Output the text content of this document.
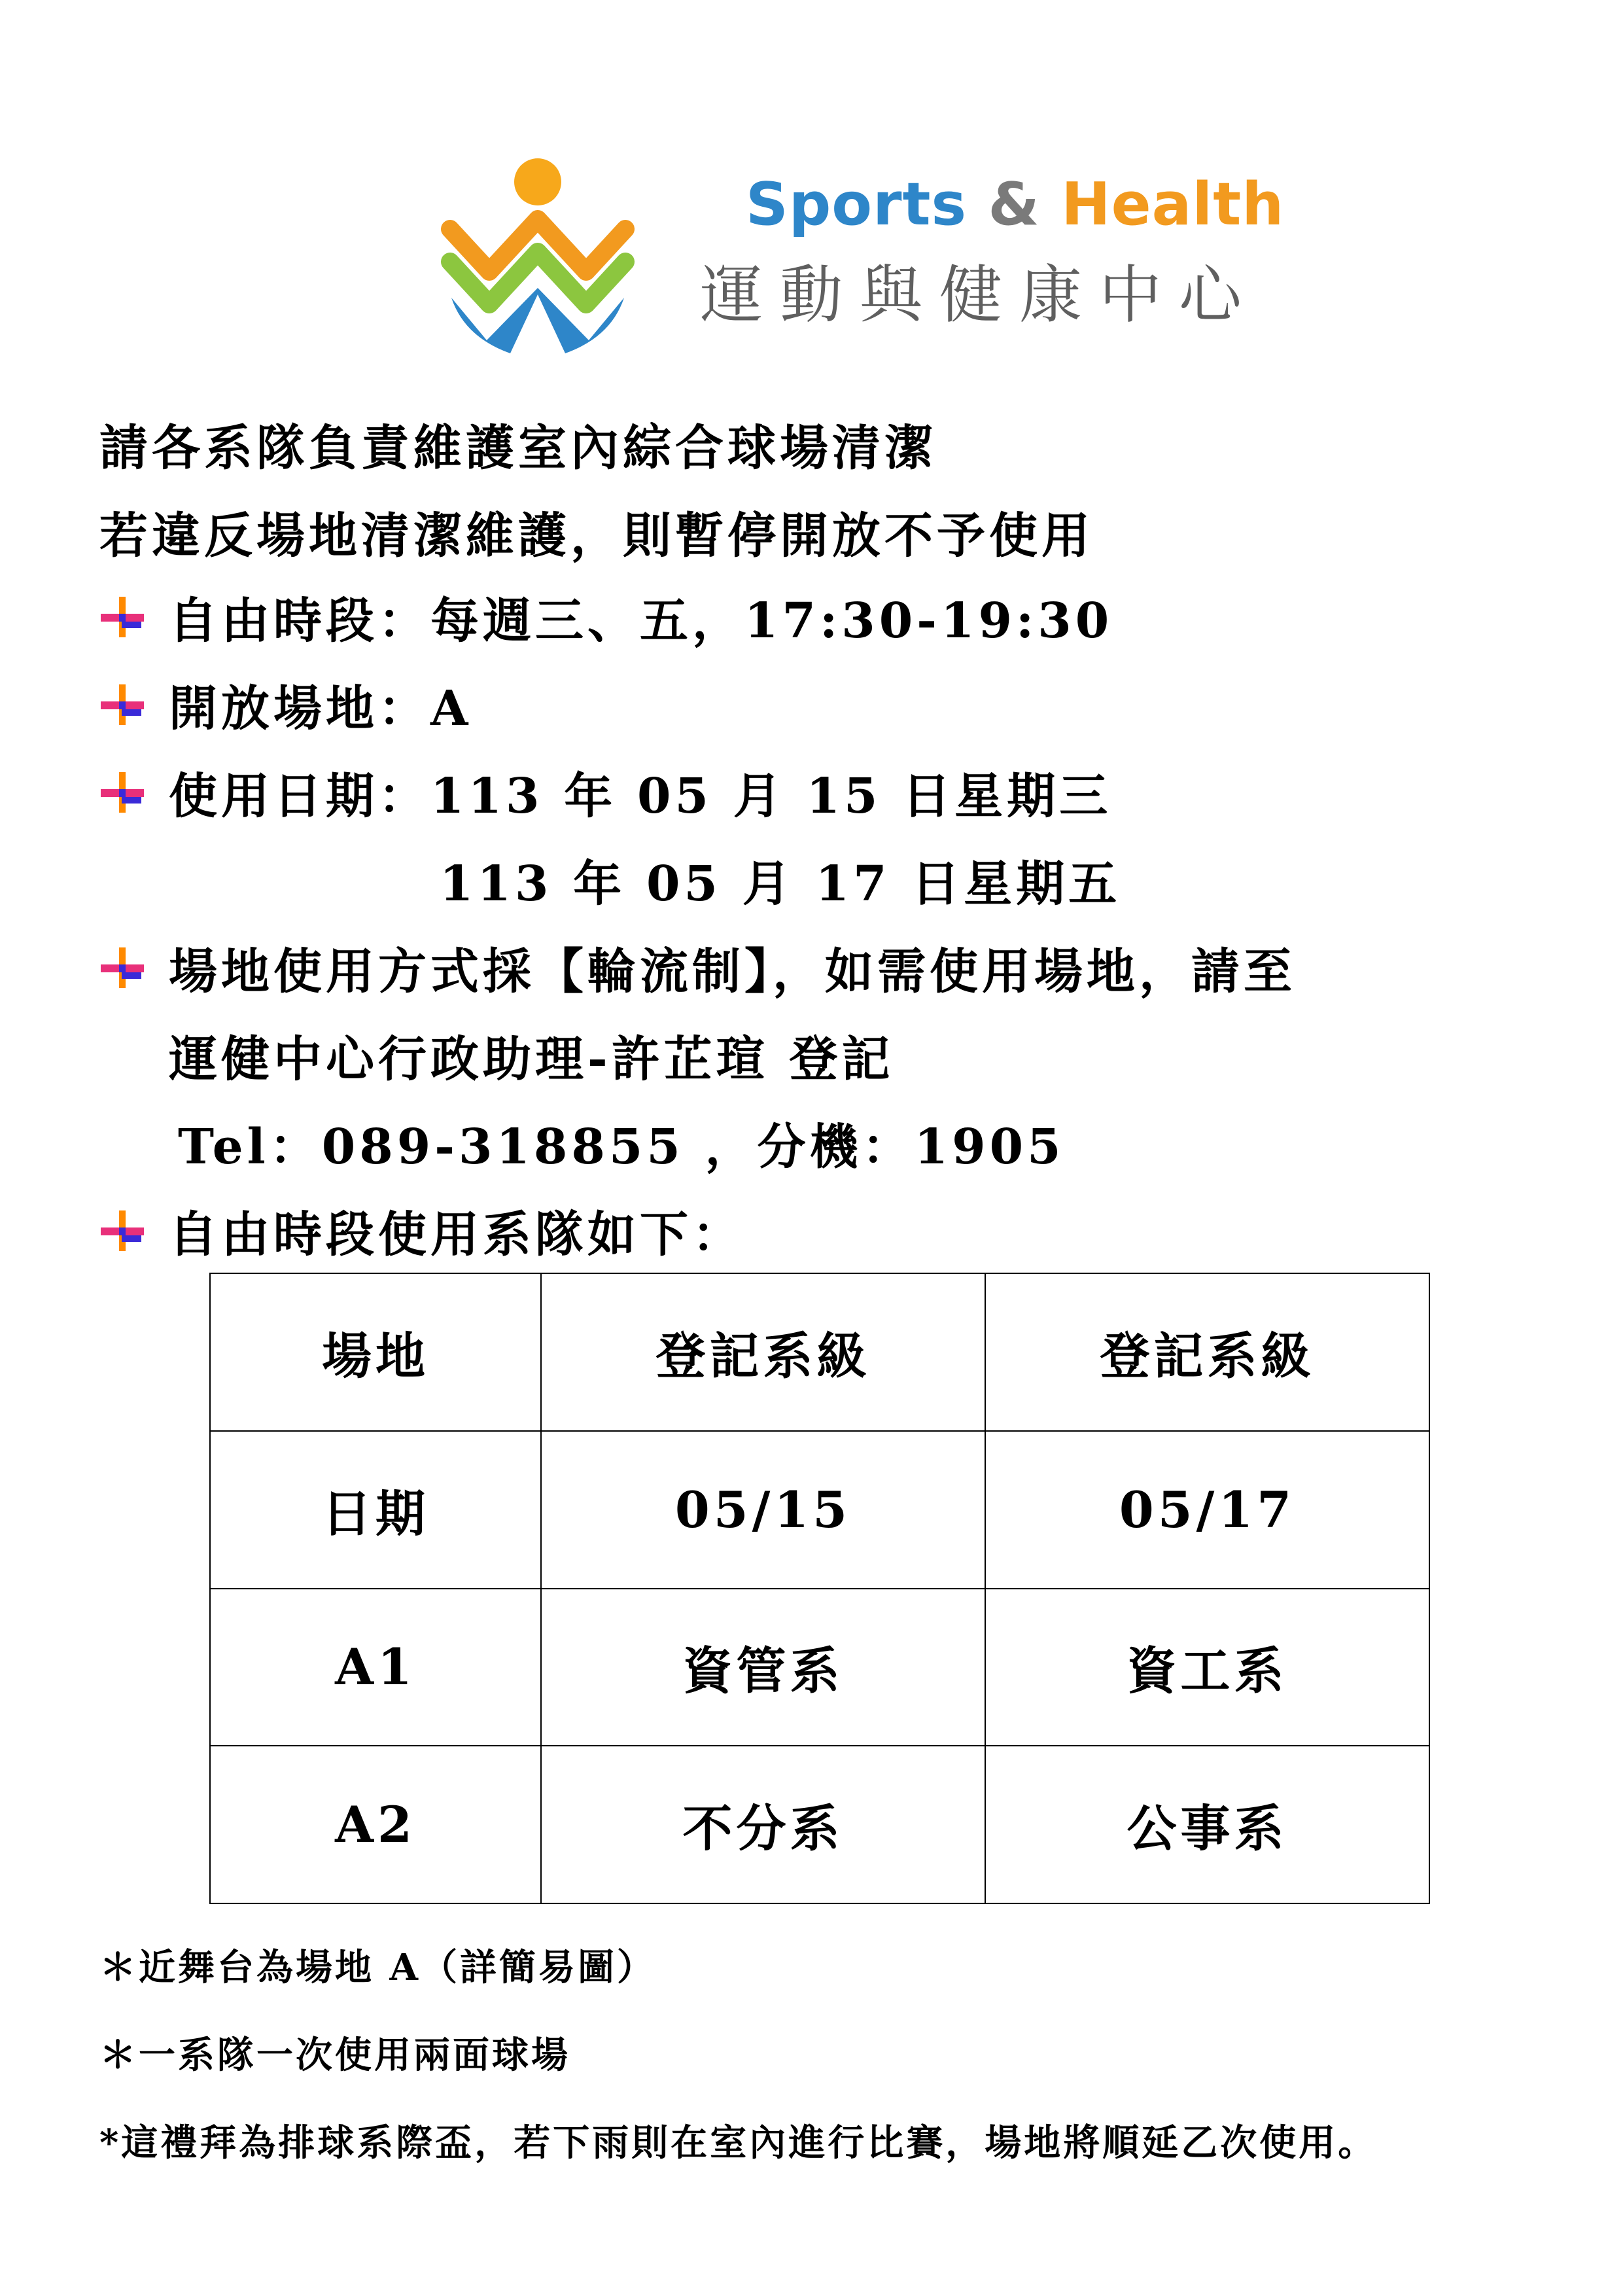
Sports & Health
運動與健康中心
請各系隊負責維護室內綜合球場清潔
若違反場地清潔維護，則暫停開放不予使用
自由時段：每週三、五，17:30-19:30
開放場地：A
使用日期：113 年 05 月 15 日星期三
113 年 05 月 17 日星期五
場地使用方式採【輪流制】，如需使用場地，請至
運健中心行政助理-許芷瑄 登記
Tel：089-318855 ，分機：1905
自由時段使用系隊如下：
場地	登記系級	登記系級
日期	05/15	05/17
A1	資管系	資工系
A2	不分系	公事系
＊近舞台為場地 A（詳簡易圖）
＊一系隊一次使用兩面球場
*這禮拜為排球系際盃，若下雨則在室內進行比賽，場地將順延乙次使用。
